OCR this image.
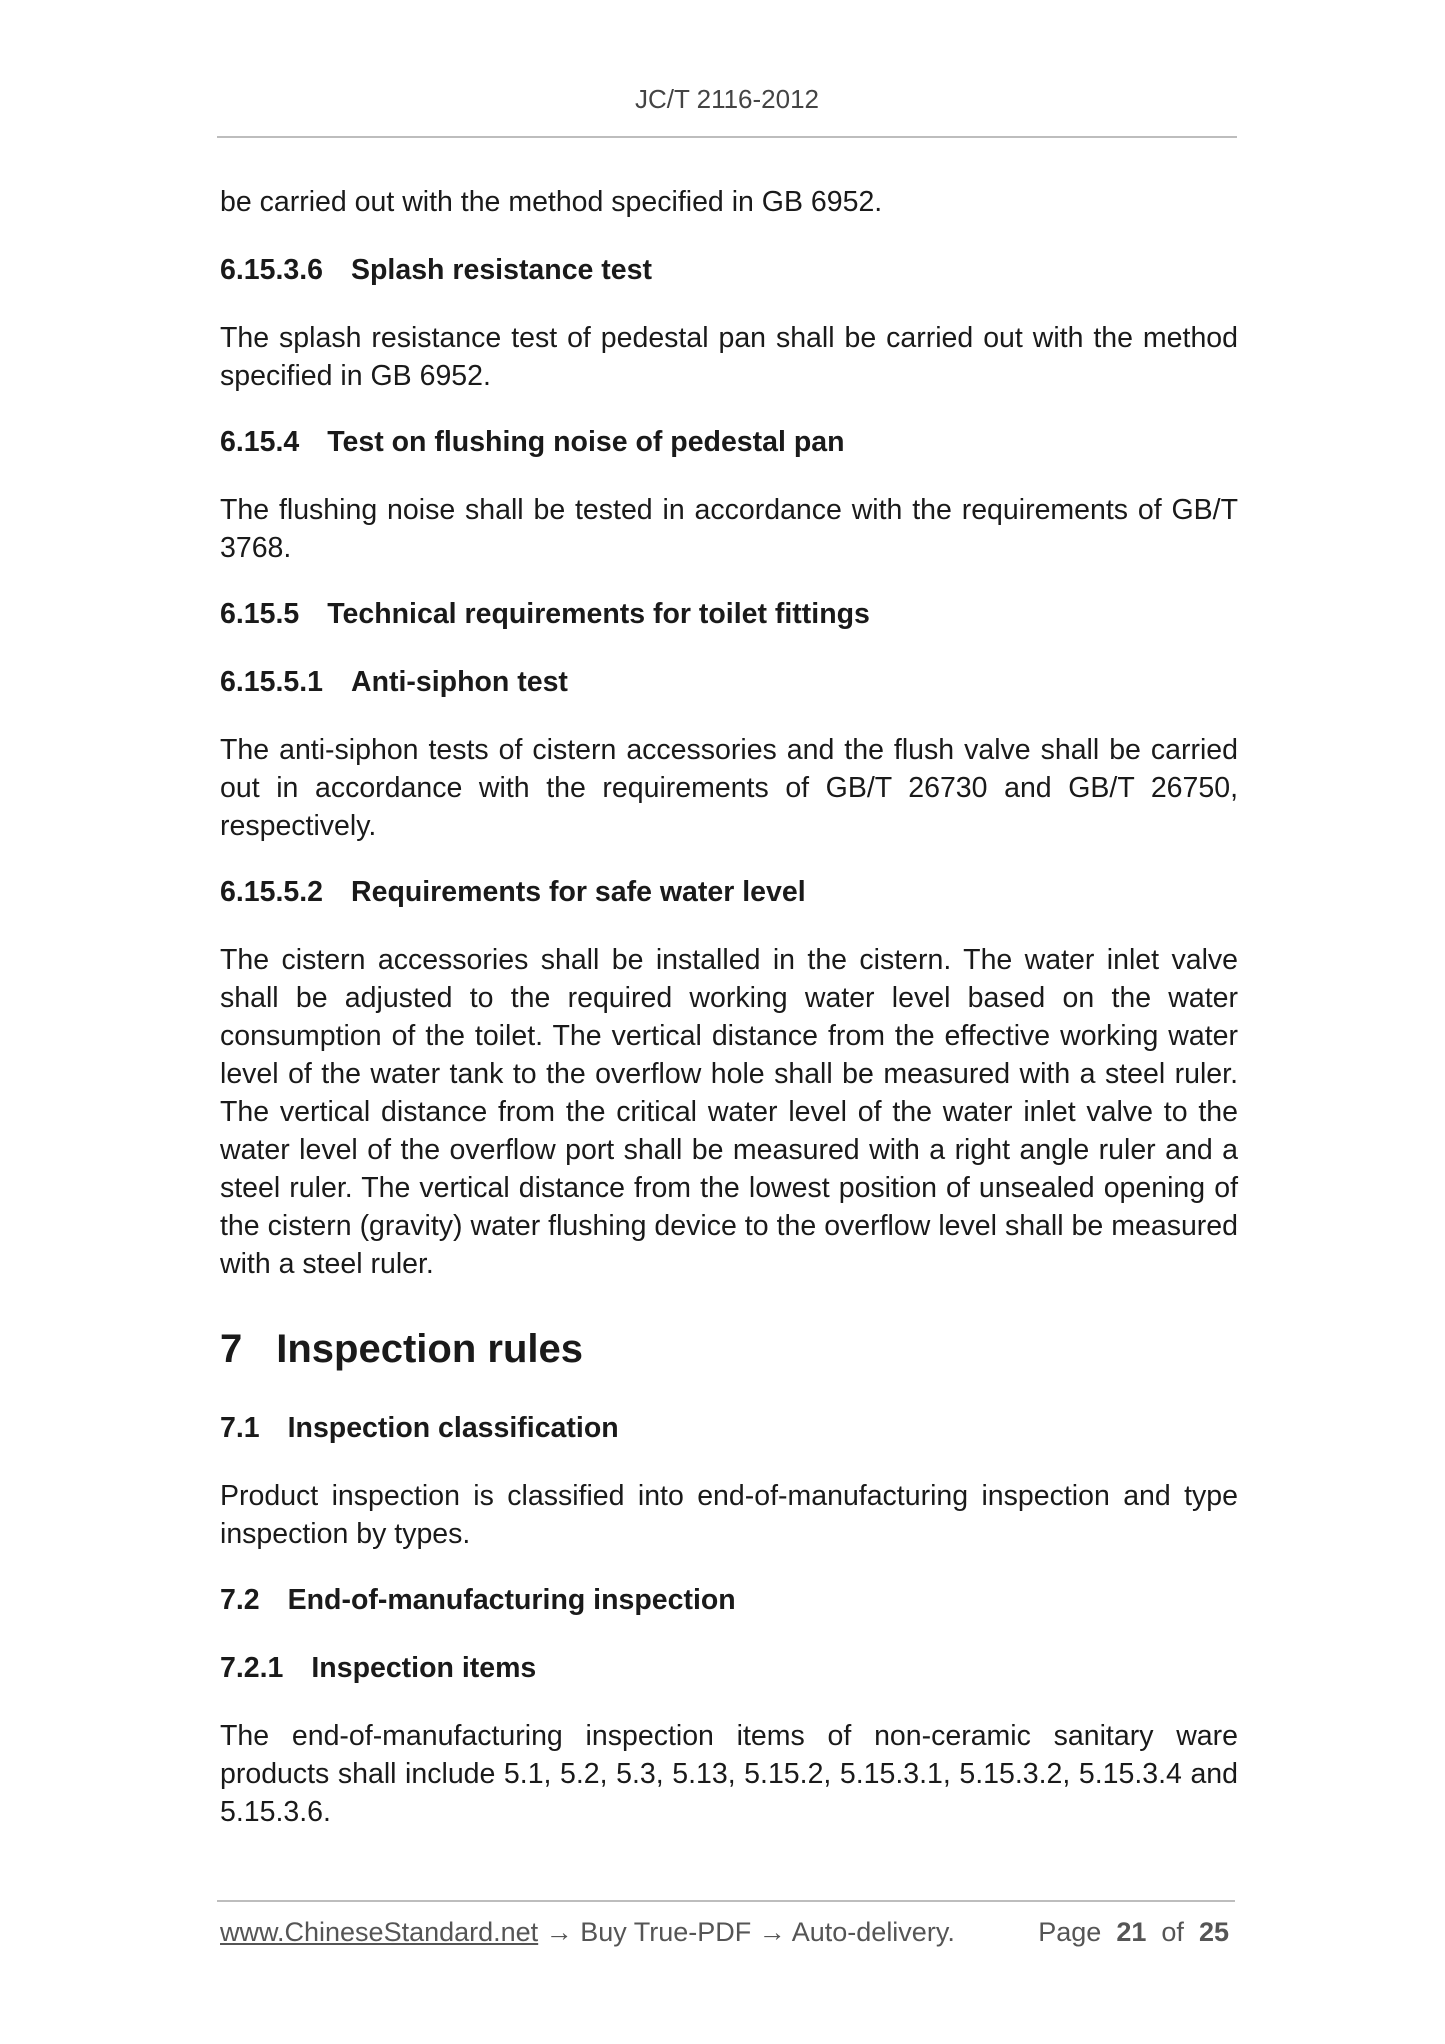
JC/T 2116-2012

be carried out with the method specified in GB 6952.

6.15.3.6 Splash resistance test

The splash resistance test of pedestal pan shall be carried out with the method specified in GB 6952.

6.15.4 Test on flushing noise of pedestal pan

The flushing noise shall be tested in accordance with the requirements of GB/T 3768.

6.15.5 Technical requirements for toilet fittings
6.15.5.1 Anti-siphon test

The anti-siphon tests of cistern accessories and the flush valve shall be carried out in accordance with the requirements of GB/T 26730 and GB/T 26750, respectively.

6.15.5.2 Requirements for safe water level

The cistern accessories shall be installed in the cistern. The water inlet valve shall be adjusted to the required working water level based on the water consumption of the toilet. The vertical distance from the effective working water level of the water tank to the overflow hole shall be measured with a steel ruler. The vertical distance from the critical water level of the water inlet valve to the water level of the overflow port shall be measured with a right angle ruler and a steel ruler. The vertical distance from the lowest position of unsealed opening of the cistern (gravity) water flushing device to the overflow level shall be measured with a steel ruler.

7 Inspection rules
7.1 Inspection classification

Product inspection is classified into end-of-manufacturing inspection and type inspection by types.

7.2 End-of-manufacturing inspection
7.2.1 Inspection items

The end-of-manufacturing inspection items of non-ceramic sanitary ware products shall include 5.1, 5.2, 5.3, 5.13, 5.15.2, 5.15.3.1, 5.15.3.2, 5.15.3.4 and 5.15.3.6.

www.ChineseStandard.net → Buy True-PDF → Auto-delivery.	Page 21 of 25
